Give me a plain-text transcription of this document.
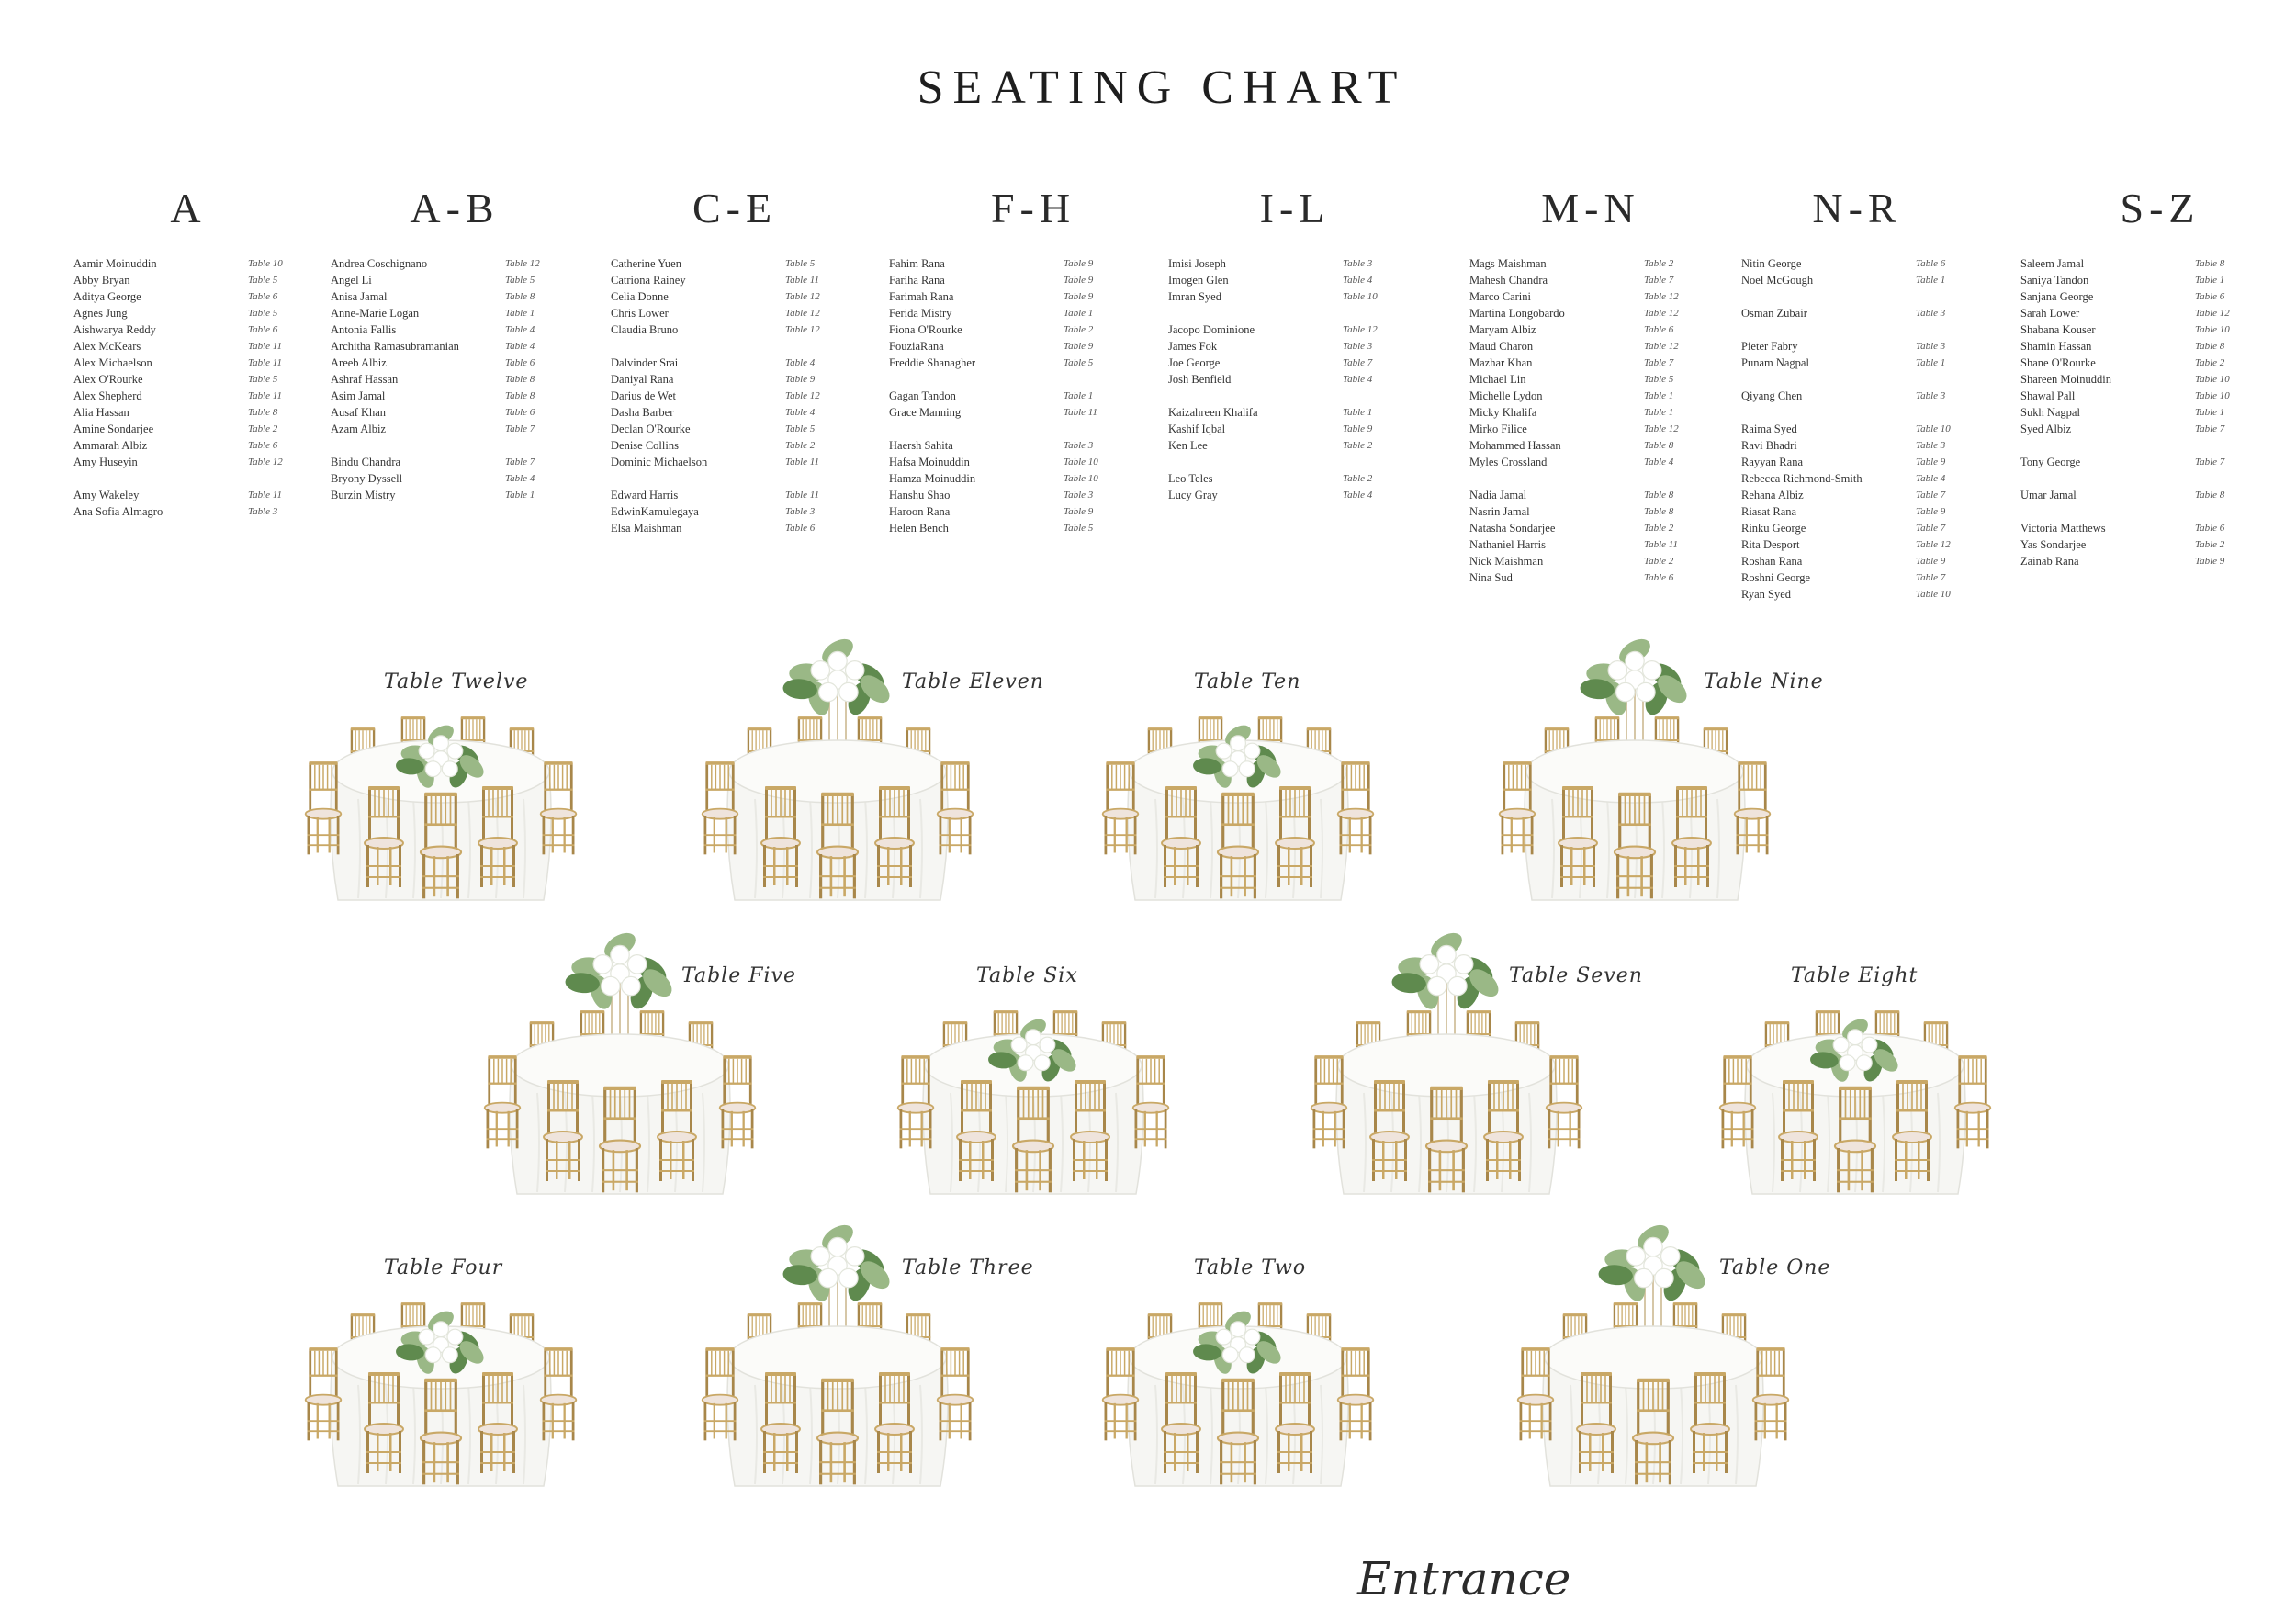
SEATING CHART
A
Aamir Moinuddin	Table 10
Abby Bryan	Table 5
Aditya George	Table 6
Agnes Jung	Table 5
Aishwarya Reddy	Table 6
Alex McKears	Table 11
Alex Michaelson	Table 11
Alex O'Rourke	Table 5
Alex Shepherd	Table 11
Alia Hassan	Table 8
Amine Sondarjee	Table 2
Ammarah Albiz	Table 6
Amy Huseyin	Table 12
Amy Wakeley	Table 11
Ana Sofia Almagro	Table 3
A-B
Andrea Coschignano	Table 12
Angel Li	Table 5
Anisa Jamal	Table 8
Anne-Marie Logan	Table 1
Antonia Fallis	Table 4
Architha Ramasubramanian	Table 4
Areeb Albiz	Table 6
Ashraf Hassan	Table 8
Asim Jamal	Table 8
Ausaf Khan	Table 6
Azam Albiz	Table 7
Bindu Chandra	Table 7
Bryony Dyssell	Table 4
Burzin Mistry	Table 1
C-E
Catherine Yuen	Table 5
Catriona Rainey	Table 11
Celia Donne	Table 12
Chris Lower	Table 12
Claudia Bruno	Table 12
Dalvinder Srai	Table 4
Daniyal Rana	Table 9
Darius de Wet	Table 12
Dasha Barber	Table 4
Declan O'Rourke	Table 5
Denise Collins	Table 2
Dominic Michaelson	Table 11
Edward Harris	Table 11
EdwinKamulegaya	Table 3
Elsa Maishman	Table 6
F-H
Fahim Rana	Table 9
Fariha Rana	Table 9
Farimah Rana	Table 9
Ferida Mistry	Table 1
Fiona O'Rourke	Table 2
FouziaRana	Table 9
Freddie Shanagher	Table 5
Gagan Tandon	Table 1
Grace Manning	Table 11
Haersh Sahita	Table 3
Hafsa Moinuddin	Table 10
Hamza Moinuddin	Table 10
Hanshu Shao	Table 3
Haroon Rana	Table 9
Helen Bench	Table 5
I-L
Imisi Joseph	Table 3
Imogen Glen	Table 4
Imran Syed	Table 10
Jacopo Dominione	Table 12
James Fok	Table 3
Joe George	Table 7
Josh Benfield	Table 4
Kaizahreen Khalifa	Table 1
Kashif Iqbal	Table 9
Ken Lee	Table 2
Leo Teles	Table 2
Lucy Gray	Table 4
M-N
Mags Maishman	Table 2
Mahesh Chandra	Table 7
Marco Carini	Table 12
Martina Longobardo	Table 12
Maryam Albiz	Table 6
Maud Charon	Table 12
Mazhar Khan	Table 7
Michael Lin	Table 5
Michelle Lydon	Table 1
Micky Khalifa	Table 1
Mirko Filice	Table 12
Mohammed Hassan	Table 8
Myles Crossland	Table 4
Nadia Jamal	Table 8
Nasrin Jamal	Table 8
Natasha Sondarjee	Table 2
Nathaniel Harris	Table 11
Nick Maishman	Table 2
Nina Sud	Table 6
N-R
Nitin George	Table 6
Noel McGough	Table 1
Osman Zubair	Table 3
Pieter Fabry	Table 3
Punam Nagpal	Table 1
Qiyang Chen	Table 3
Raima Syed	Table 10
Ravi Bhadri	Table 3
Rayyan Rana	Table 9
Rebecca Richmond-Smith	Table 4
Rehana Albiz	Table 7
Riasat Rana	Table 9
Rinku George	Table 7
Rita Desport	Table 12
Roshan Rana	Table 9
Roshni George	Table 7
Ryan Syed	Table 10
S-Z
Saleem Jamal	Table 8
Saniya Tandon	Table 1
Sanjana George	Table 6
Sarah Lower	Table 12
Shabana Kouser	Table 10
Shamin Hassan	Table 8
Shane O'Rourke	Table 2
Shareen Moinuddin	Table 10
Shawal Pall	Table 10
Sukh Nagpal	Table 1
Syed Albiz	Table 7
Tony George	Table 7
Umar Jamal	Table 8
Victoria Matthews	Table 6
Yas Sondarjee	Table 2
Zainab Rana	Table 9
Table Twelve	Table Eleven	Table Ten	Table Nine
Table Five	Table Six	Table Seven	Table Eight
Table Four	Table Three	Table Two	Table One
Entrance
